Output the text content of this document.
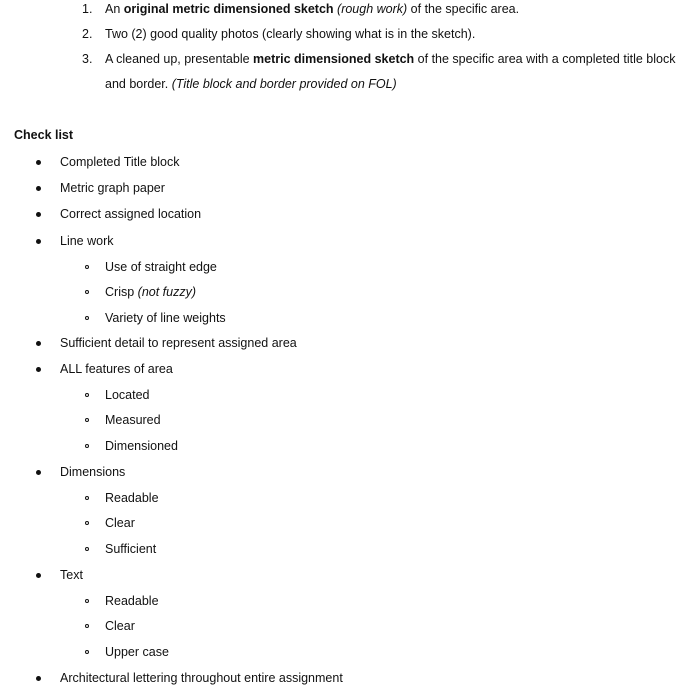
1. An original metric dimensioned sketch (rough work) of the specific area.
2. Two (2) good quality photos (clearly showing what is in the sketch).
3. A cleaned up, presentable metric dimensioned sketch of the specific area with a completed title block
and border. (Title block and border provided on FOL)
Check list
Completed Title block
Metric graph paper
Correct assigned location
Line work
Use of straight edge
Crisp (not fuzzy)
Variety of line weights
Sufficient detail to represent assigned area
ALL features of area
Located
Measured
Dimensioned
Dimensions
Readable
Clear
Sufficient
Text
Readable
Clear
Upper case
Architectural lettering throughout entire assignment
